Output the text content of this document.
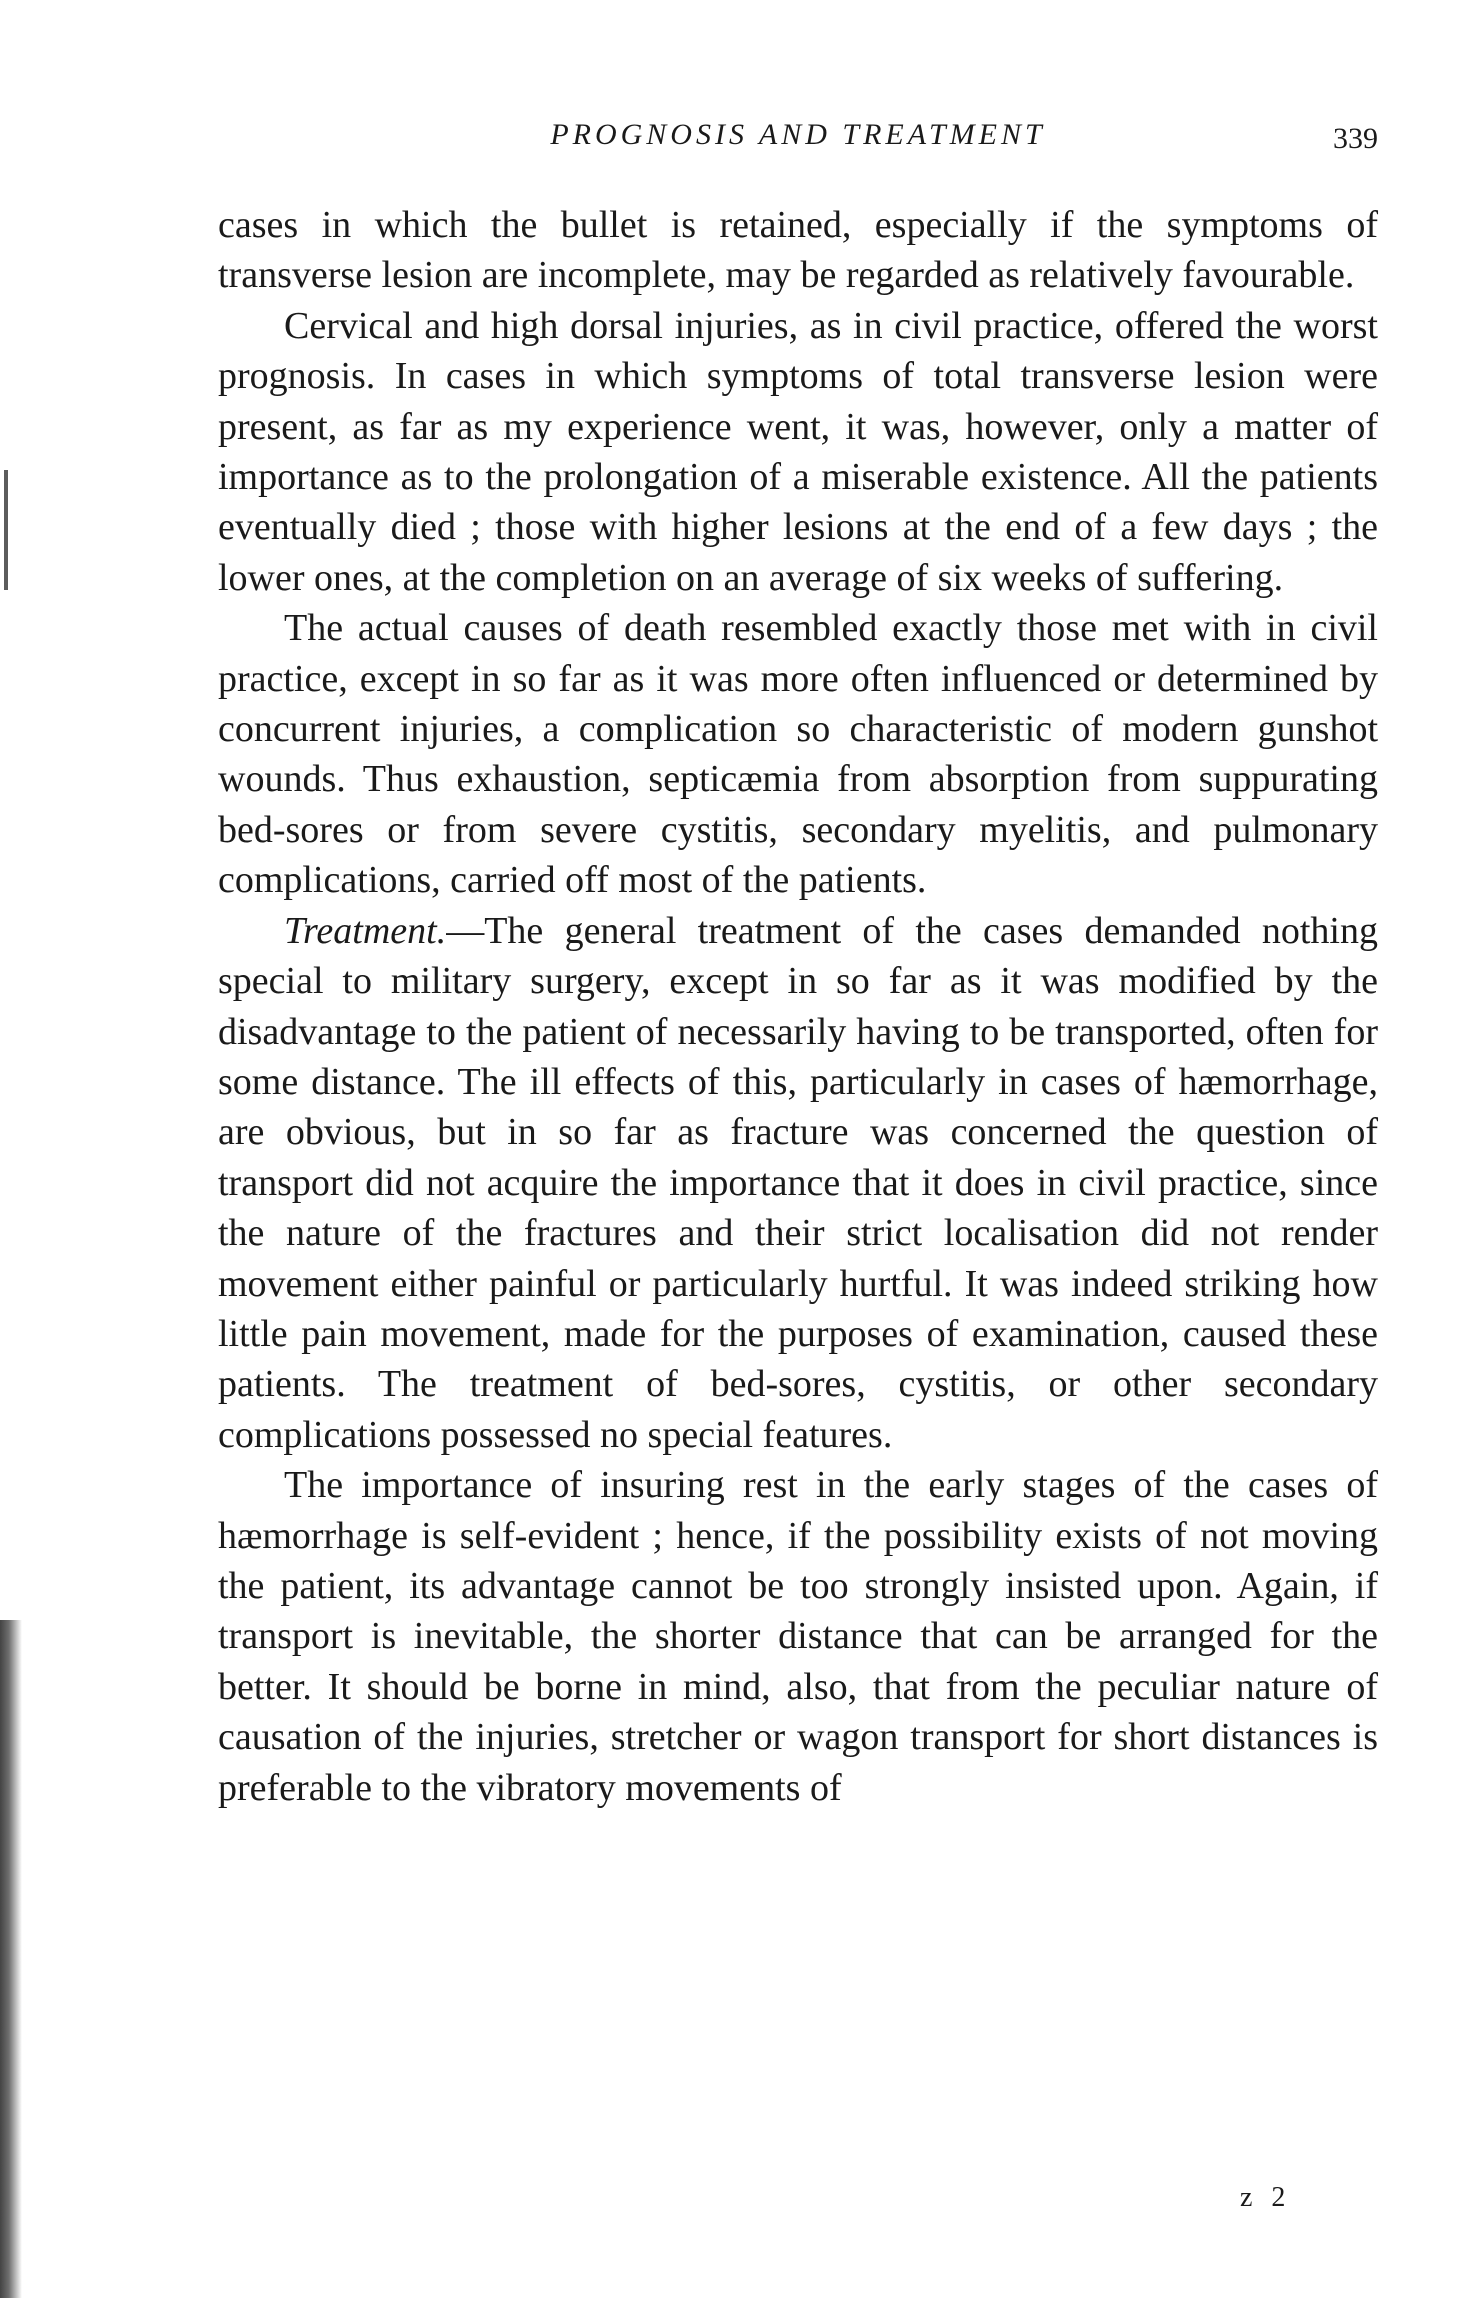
PROGNOSIS AND TREATMENT	339

cases in which the bullet is retained, especially if the symptoms of transverse lesion are incomplete, may be regarded as relatively favourable.

Cervical and high dorsal injuries, as in civil practice, offered the worst prognosis. In cases in which symptoms of total transverse lesion were present, as far as my experience went, it was, however, only a matter of importance as to the prolongation of a miserable existence. All the patients eventually died ; those with higher lesions at the end of a few days ; the lower ones, at the completion on an average of six weeks of suffering.

The actual causes of death resembled exactly those met with in civil practice, except in so far as it was more often influenced or determined by concurrent injuries, a complication so characteristic of modern gunshot wounds. Thus exhaustion, septicæmia from absorption from suppurating bed-sores or from severe cystitis, secondary myelitis, and pulmonary complications, carried off most of the patients.

Treatment.—The general treatment of the cases demanded nothing special to military surgery, except in so far as it was modified by the disadvantage to the patient of necessarily having to be transported, often for some distance. The ill effects of this, particularly in cases of hæmorrhage, are obvious, but in so far as fracture was concerned the question of transport did not acquire the importance that it does in civil practice, since the nature of the fractures and their strict localisation did not render movement either painful or particularly hurtful. It was indeed striking how little pain movement, made for the purposes of examination, caused these patients. The treatment of bed-sores, cystitis, or other secondary complications possessed no special features.

The importance of insuring rest in the early stages of the cases of hæmorrhage is self-evident ; hence, if the possibility exists of not moving the patient, its advantage cannot be too strongly insisted upon. Again, if transport is inevitable, the shorter distance that can be arranged for the better. It should be borne in mind, also, that from the peculiar nature of causation of the injuries, stretcher or wagon transport for short distances is preferable to the vibratory movements of

z 2
